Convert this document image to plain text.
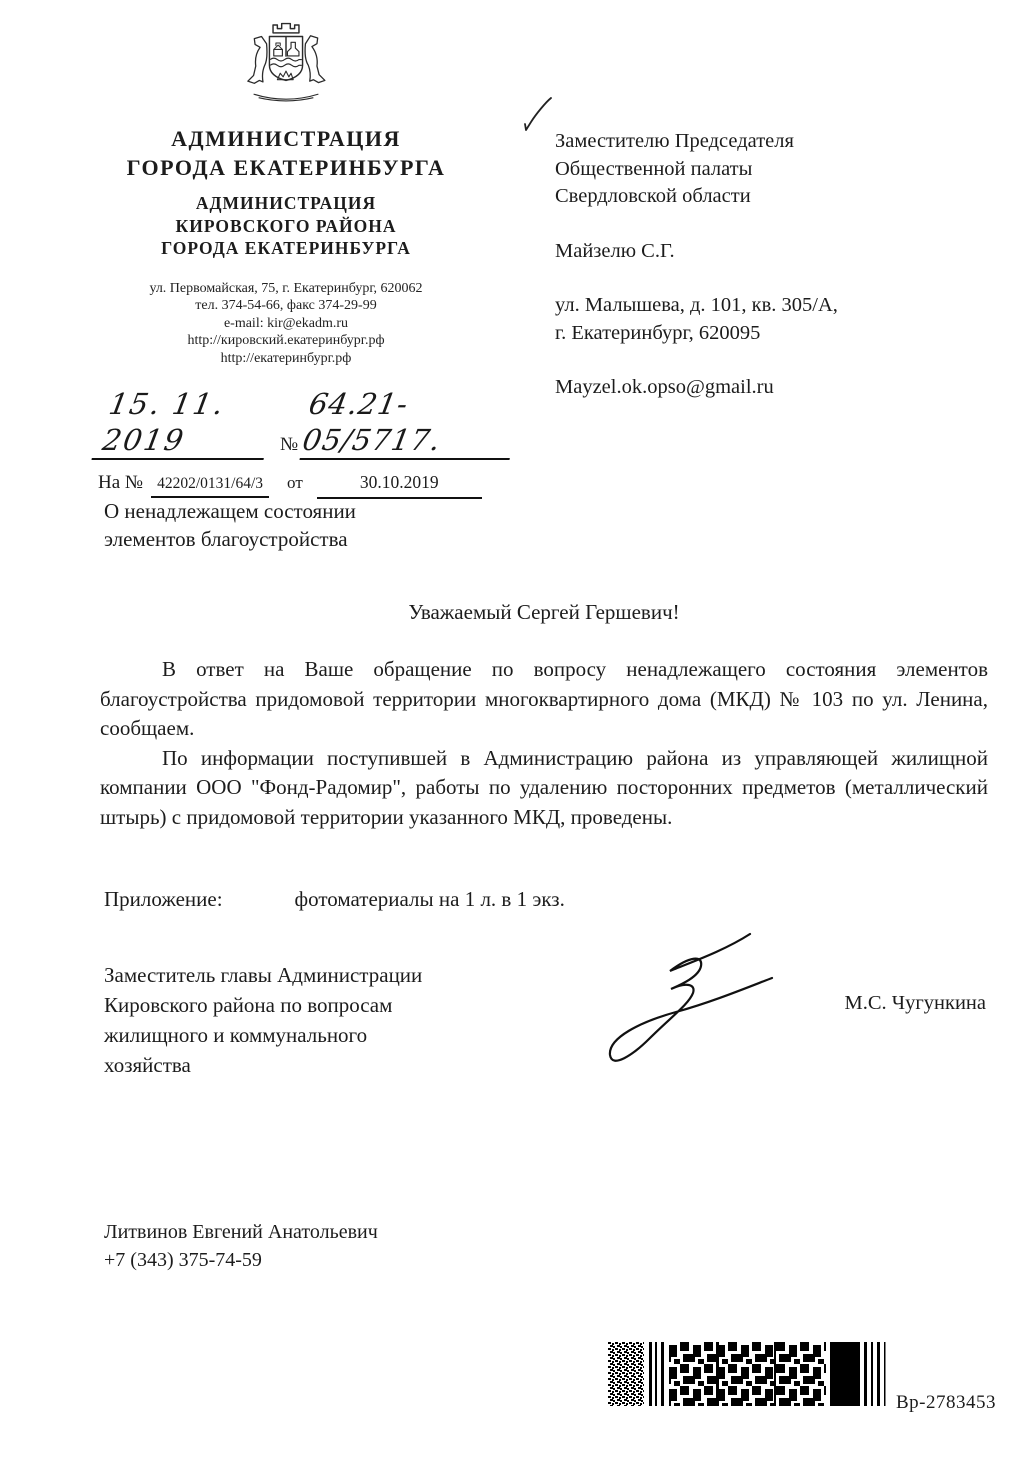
АДМИНИСТРАЦИЯ
ГОРОДА ЕКАТЕРИНБУРГА
АДМИНИСТРАЦИЯ
КИРОВСКОГО РАЙОНА
ГОРОДА ЕКАТЕРИНБУРГА
ул. Первомайская, 75, г. Екатеринбург, 620062
тел. 374-54-66, факс 374-29-99
e-mail: kir@ekadm.ru
http://кировский.екатеринбург.рф
http://екатеринбург.рф
15. 11. 2019	№
64.21-05/5717.
На № 42202/0131/64/3	от	30.10.2019
Заместителю Председателя
Общественной палаты
Свердловской области
Майзелю С.Г.
ул. Малышева, д. 101, кв. 305/А,
г. Екатеринбург, 620095
Mayzel.ok.opso@gmail.ru
О ненадлежащем состоянии
элементов благоустройства
Уважаемый Сергей Гершевич!

В ответ на Ваше обращение по вопросу ненадлежащего состояния элементов благоустройства придомовой территории многоквартирного дома (МКД) № 103 по ул. Ленина, сообщаем.

По информации поступившей в Администрацию района из управляющей жилищной компании ООО "Фонд-Радомир", работы по удалению посторонних предметов (металлический штырь) с придомовой территории указанного МКД, проведены.

Приложение:	фотоматериалы на 1 л. в 1 экз.
Заместитель главы Администрации
Кировского района по вопросам
жилищного и коммунального
хозяйства
М.С. Чугункина
Литвинов Евгений Анатольевич
+7 (343) 375-74-59
Вр-2783453
